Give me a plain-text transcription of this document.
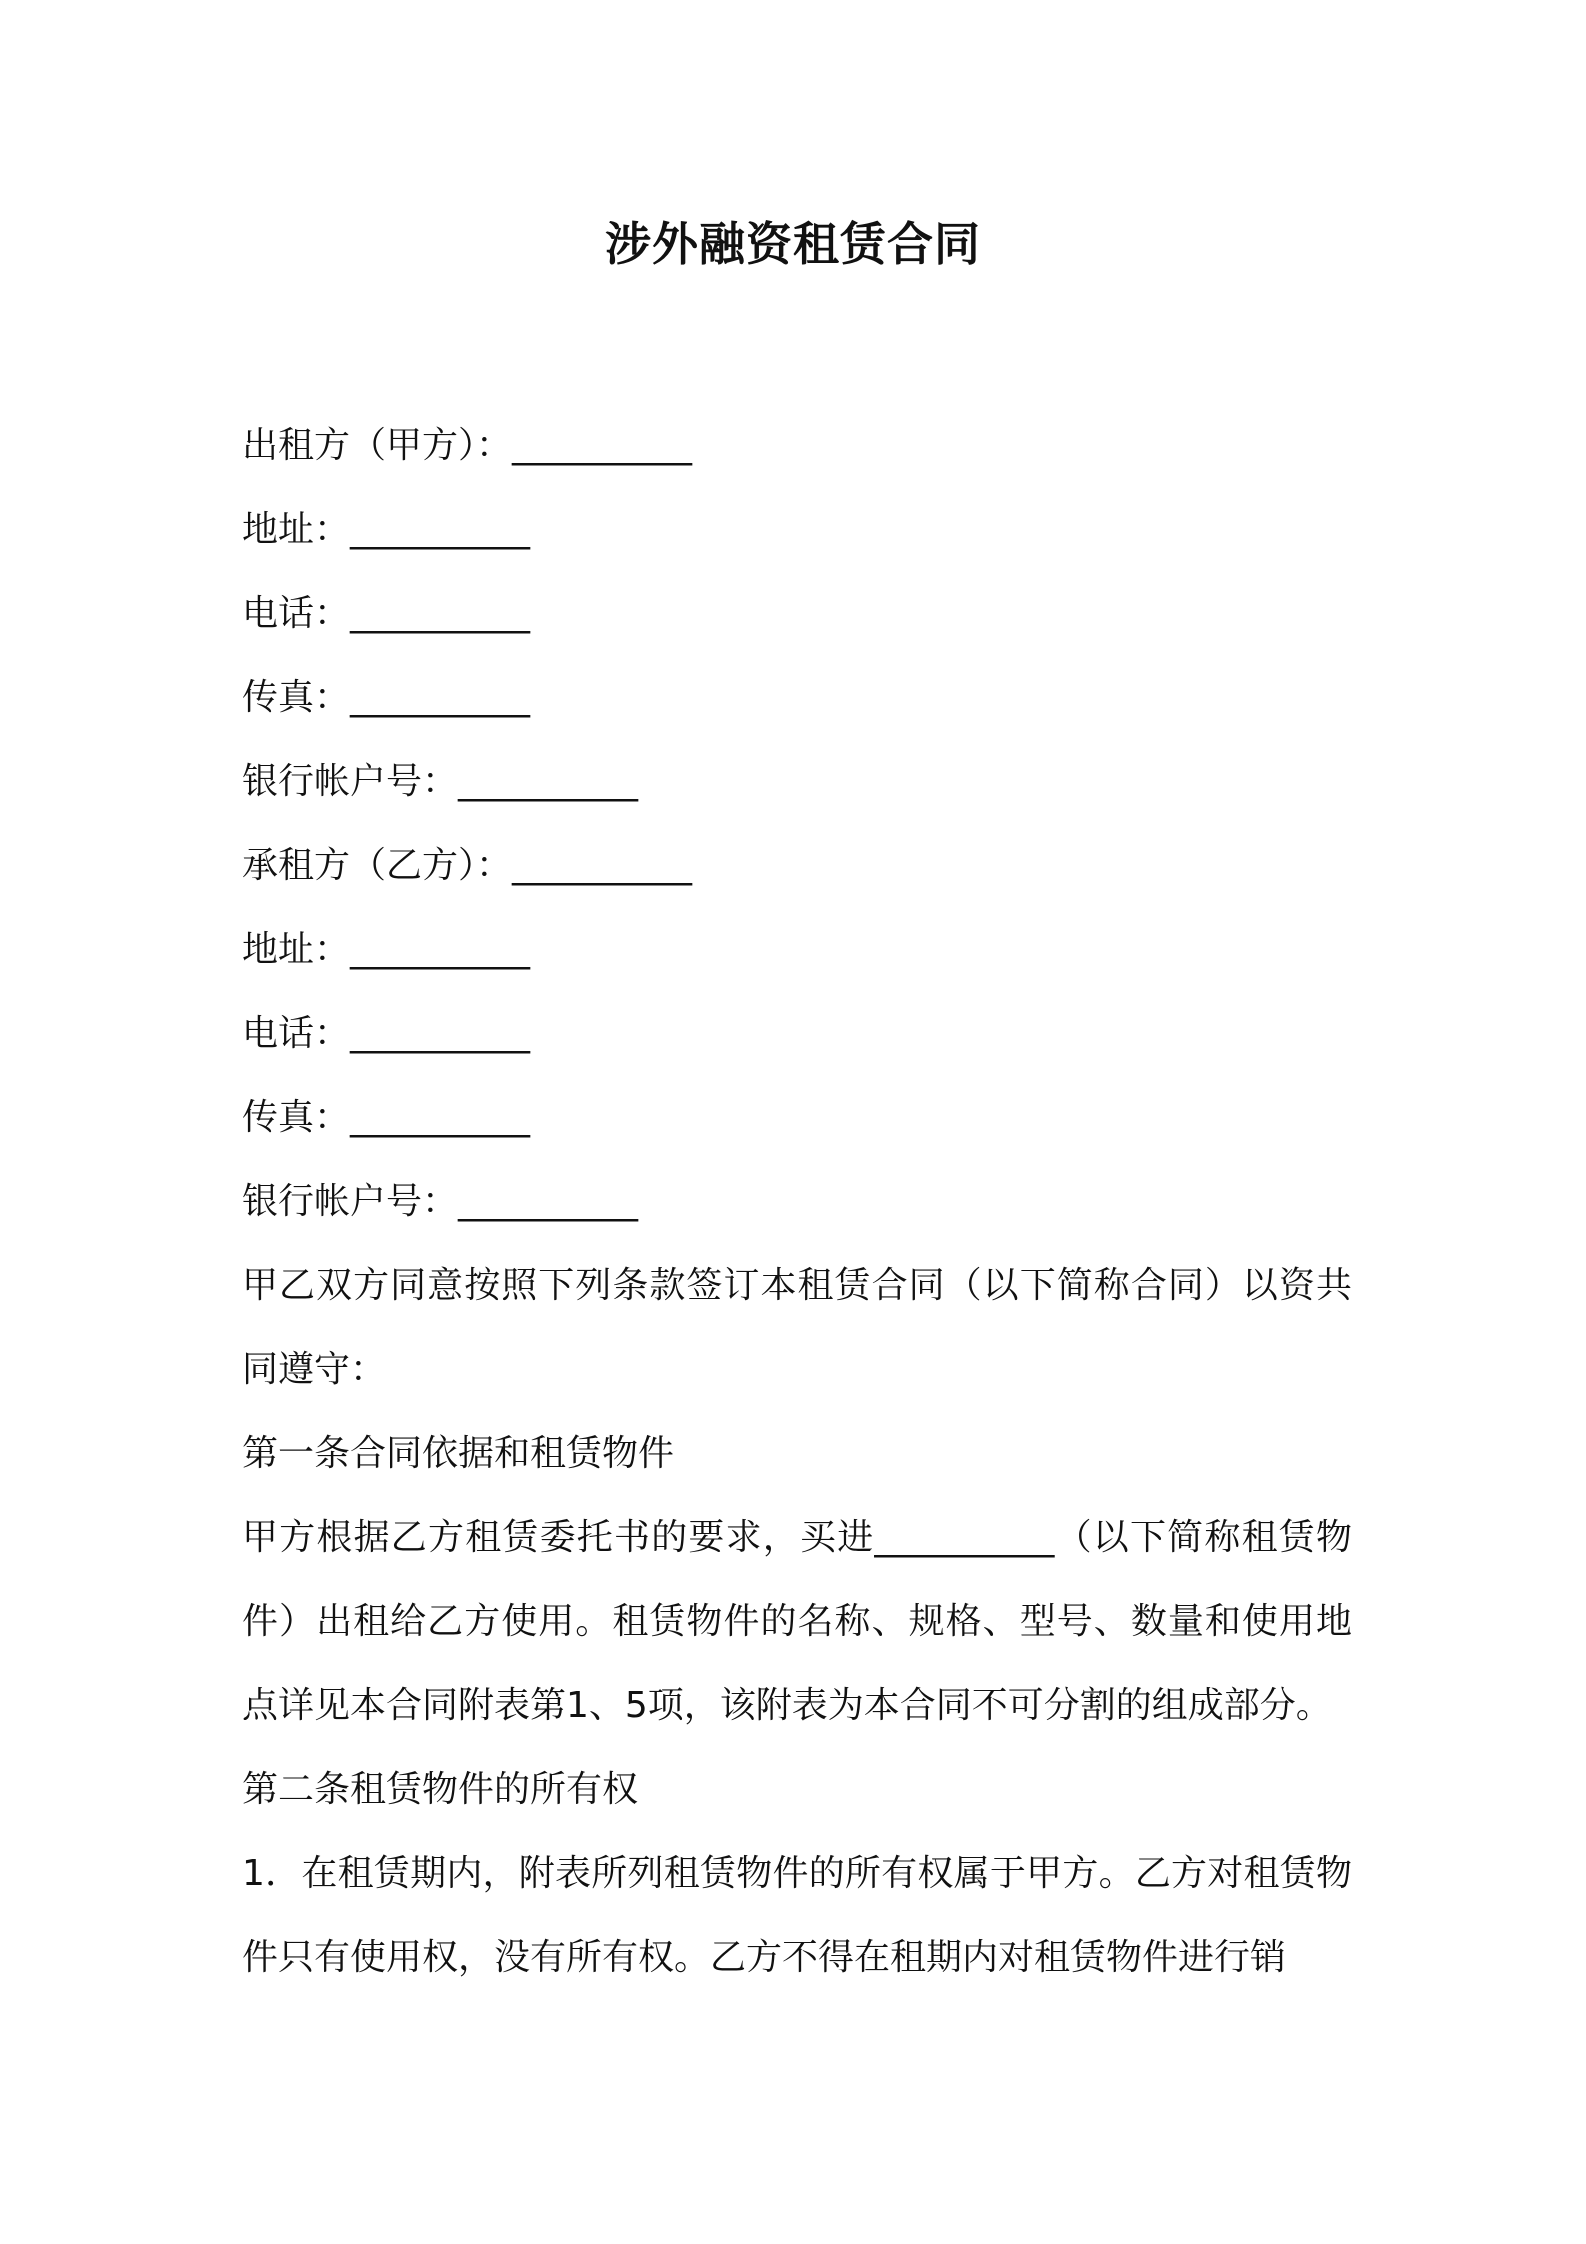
涉外融资租赁合同
出租方（甲方）：__________
地址：__________
电话：__________
传真：__________
银行帐户号：__________
承租方（乙方）：__________
地址：__________
电话：__________
传真：__________
银行帐户号：__________
甲乙双方同意按照下列条款签订本租赁合同（以下简称合同）以资共同遵守：
第一条合同依据和租赁物件
甲方根据乙方租赁委托书的要求，买进__________（以下简称租赁物件）出租给乙方使用。租赁物件的名称、规格、型号、数量和使用地点详见本合同附表第1、5项，该附表为本合同不可分割的组成部分。
第二条租赁物件的所有权
1．在租赁期内，附表所列租赁物件的所有权属于甲方。乙方对租赁物件只有使用权，没有所有权。乙方不得在租期内对租赁物件进行销
